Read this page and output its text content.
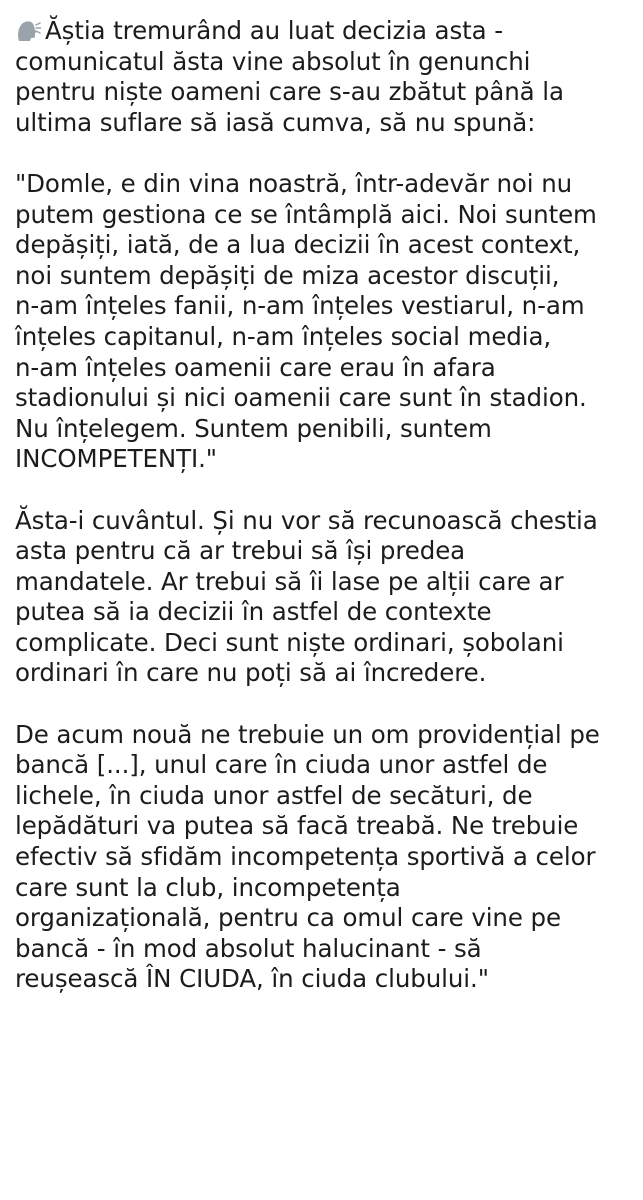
Ăștia tremurând au luat decizia asta -
comunicatul ăsta vine absolut în genunchi
pentru niște oameni care s-au zbătut până la
ultima suflare să iasă cumva, să nu spună:
"Domle, e din vina noastră, într-adevăr noi nu
putem gestiona ce se întâmplă aici. Noi suntem
depășiți, iată, de a lua decizii în acest context,
noi suntem depășiți de miza acestor discuții,
n-am înțeles fanii, n-am înțeles vestiarul, n-am
înțeles capitanul, n-am înțeles social media,
n-am înțeles oamenii care erau în afara
stadionului și nici oamenii care sunt în stadion.
Nu înțelegem. Suntem penibili, suntem
INCOMPETENȚI."
Ăsta-i cuvântul. Și nu vor să recunoască chestia
asta pentru că ar trebui să își predea
mandatele. Ar trebui să îi lase pe alții care ar
putea să ia decizii în astfel de contexte
complicate. Deci sunt niște ordinari, șobolani
ordinari în care nu poți să ai încredere.
De acum nouă ne trebuie un om providențial pe
bancă [...], unul care în ciuda unor astfel de
lichele, în ciuda unor astfel de secături, de
lepădături va putea să facă treabă. Ne trebuie
efectiv să sfidăm incompetența sportivă a celor
care sunt la club, incompetența
organizațională, pentru ca omul care vine pe
bancă - în mod absolut halucinant - să
reușească ÎN CIUDA, în ciuda clubului."
